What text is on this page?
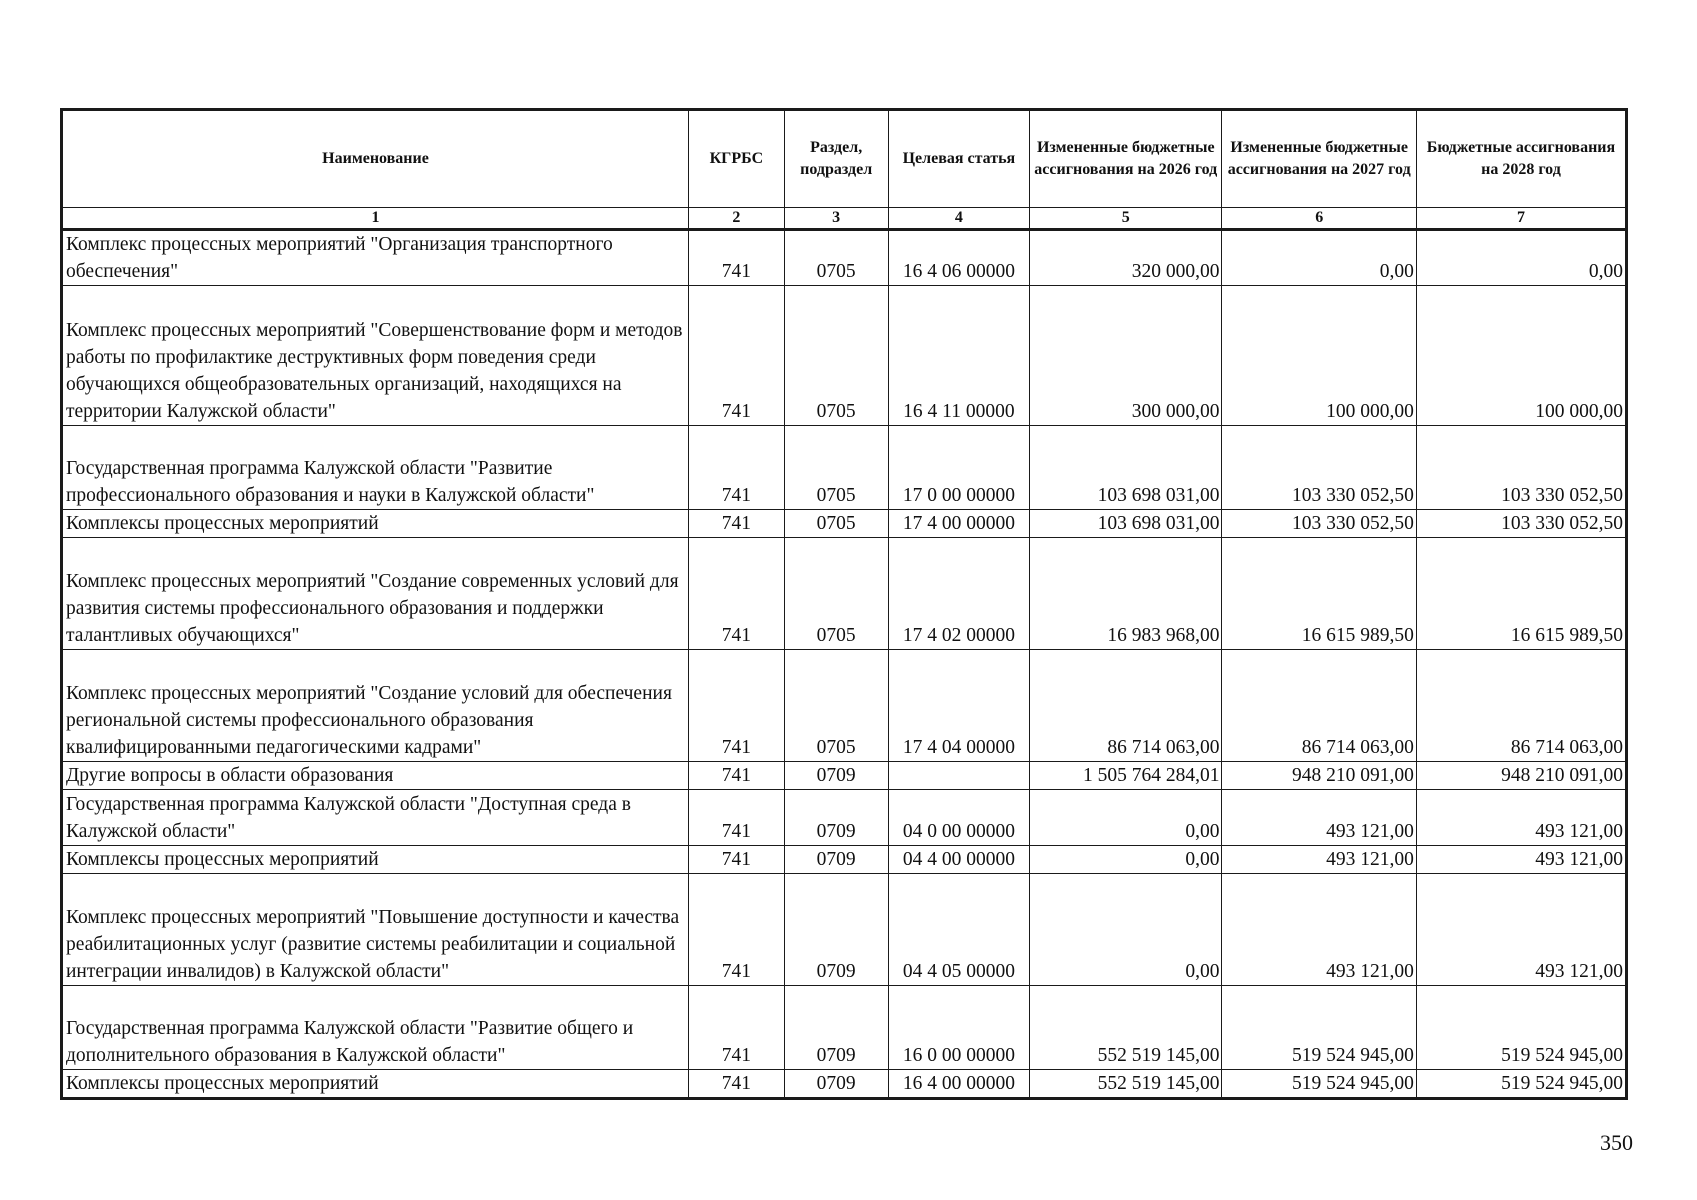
Наименование	КГРБС	Раздел, подраздел	Целевая статья	Измененные бюджетные ассигнования на 2026 год	Измененные бюджетные ассигнования на 2027 год	Бюджетные ассигнования на 2028 год
1	2	3	4	5	6	7
Комплекс процессных мероприятий "Организация транспортного обеспечения"	741	0705	16 4 06 00000	320 000,00	0,00	0,00
Комплекс процессных мероприятий "Совершенствование форм и методов работы по профилактике деструктивных форм поведения среди обучающихся общеобразовательных организаций, находящихся на территории Калужской области"	741	0705	16 4 11 00000	300 000,00	100 000,00	100 000,00
Государственная программа Калужской области "Развитие профессионального образования и науки в Калужской области"	741	0705	17 0 00 00000	103 698 031,00	103 330 052,50	103 330 052,50
Комплексы процессных мероприятий	741	0705	17 4 00 00000	103 698 031,00	103 330 052,50	103 330 052,50
Комплекс процессных мероприятий "Создание современных условий для развития системы профессионального образования и поддержки талантливых обучающихся"	741	0705	17 4 02 00000	16 983 968,00	16 615 989,50	16 615 989,50
Комплекс процессных мероприятий "Создание условий для обеспечения региональной системы профессионального образования квалифицированными педагогическими кадрами"	741	0705	17 4 04 00000	86 714 063,00	86 714 063,00	86 714 063,00
Другие вопросы в области образования	741	0709		1 505 764 284,01	948 210 091,00	948 210 091,00
Государственная программа Калужской области "Доступная среда в Калужской области"	741	0709	04 0 00 00000	0,00	493 121,00	493 121,00
Комплексы процессных мероприятий	741	0709	04 4 00 00000	0,00	493 121,00	493 121,00
Комплекс процессных мероприятий "Повышение доступности и качества реабилитационных услуг (развитие системы реабилитации и социальной интеграции инвалидов) в Калужской области"	741	0709	04 4 05 00000	0,00	493 121,00	493 121,00
Государственная программа Калужской области "Развитие общего и дополнительного образования в Калужской области"	741	0709	16 0 00 00000	552 519 145,00	519 524 945,00	519 524 945,00
Комплексы процессных мероприятий	741	0709	16 4 00 00000	552 519 145,00	519 524 945,00	519 524 945,00
350
